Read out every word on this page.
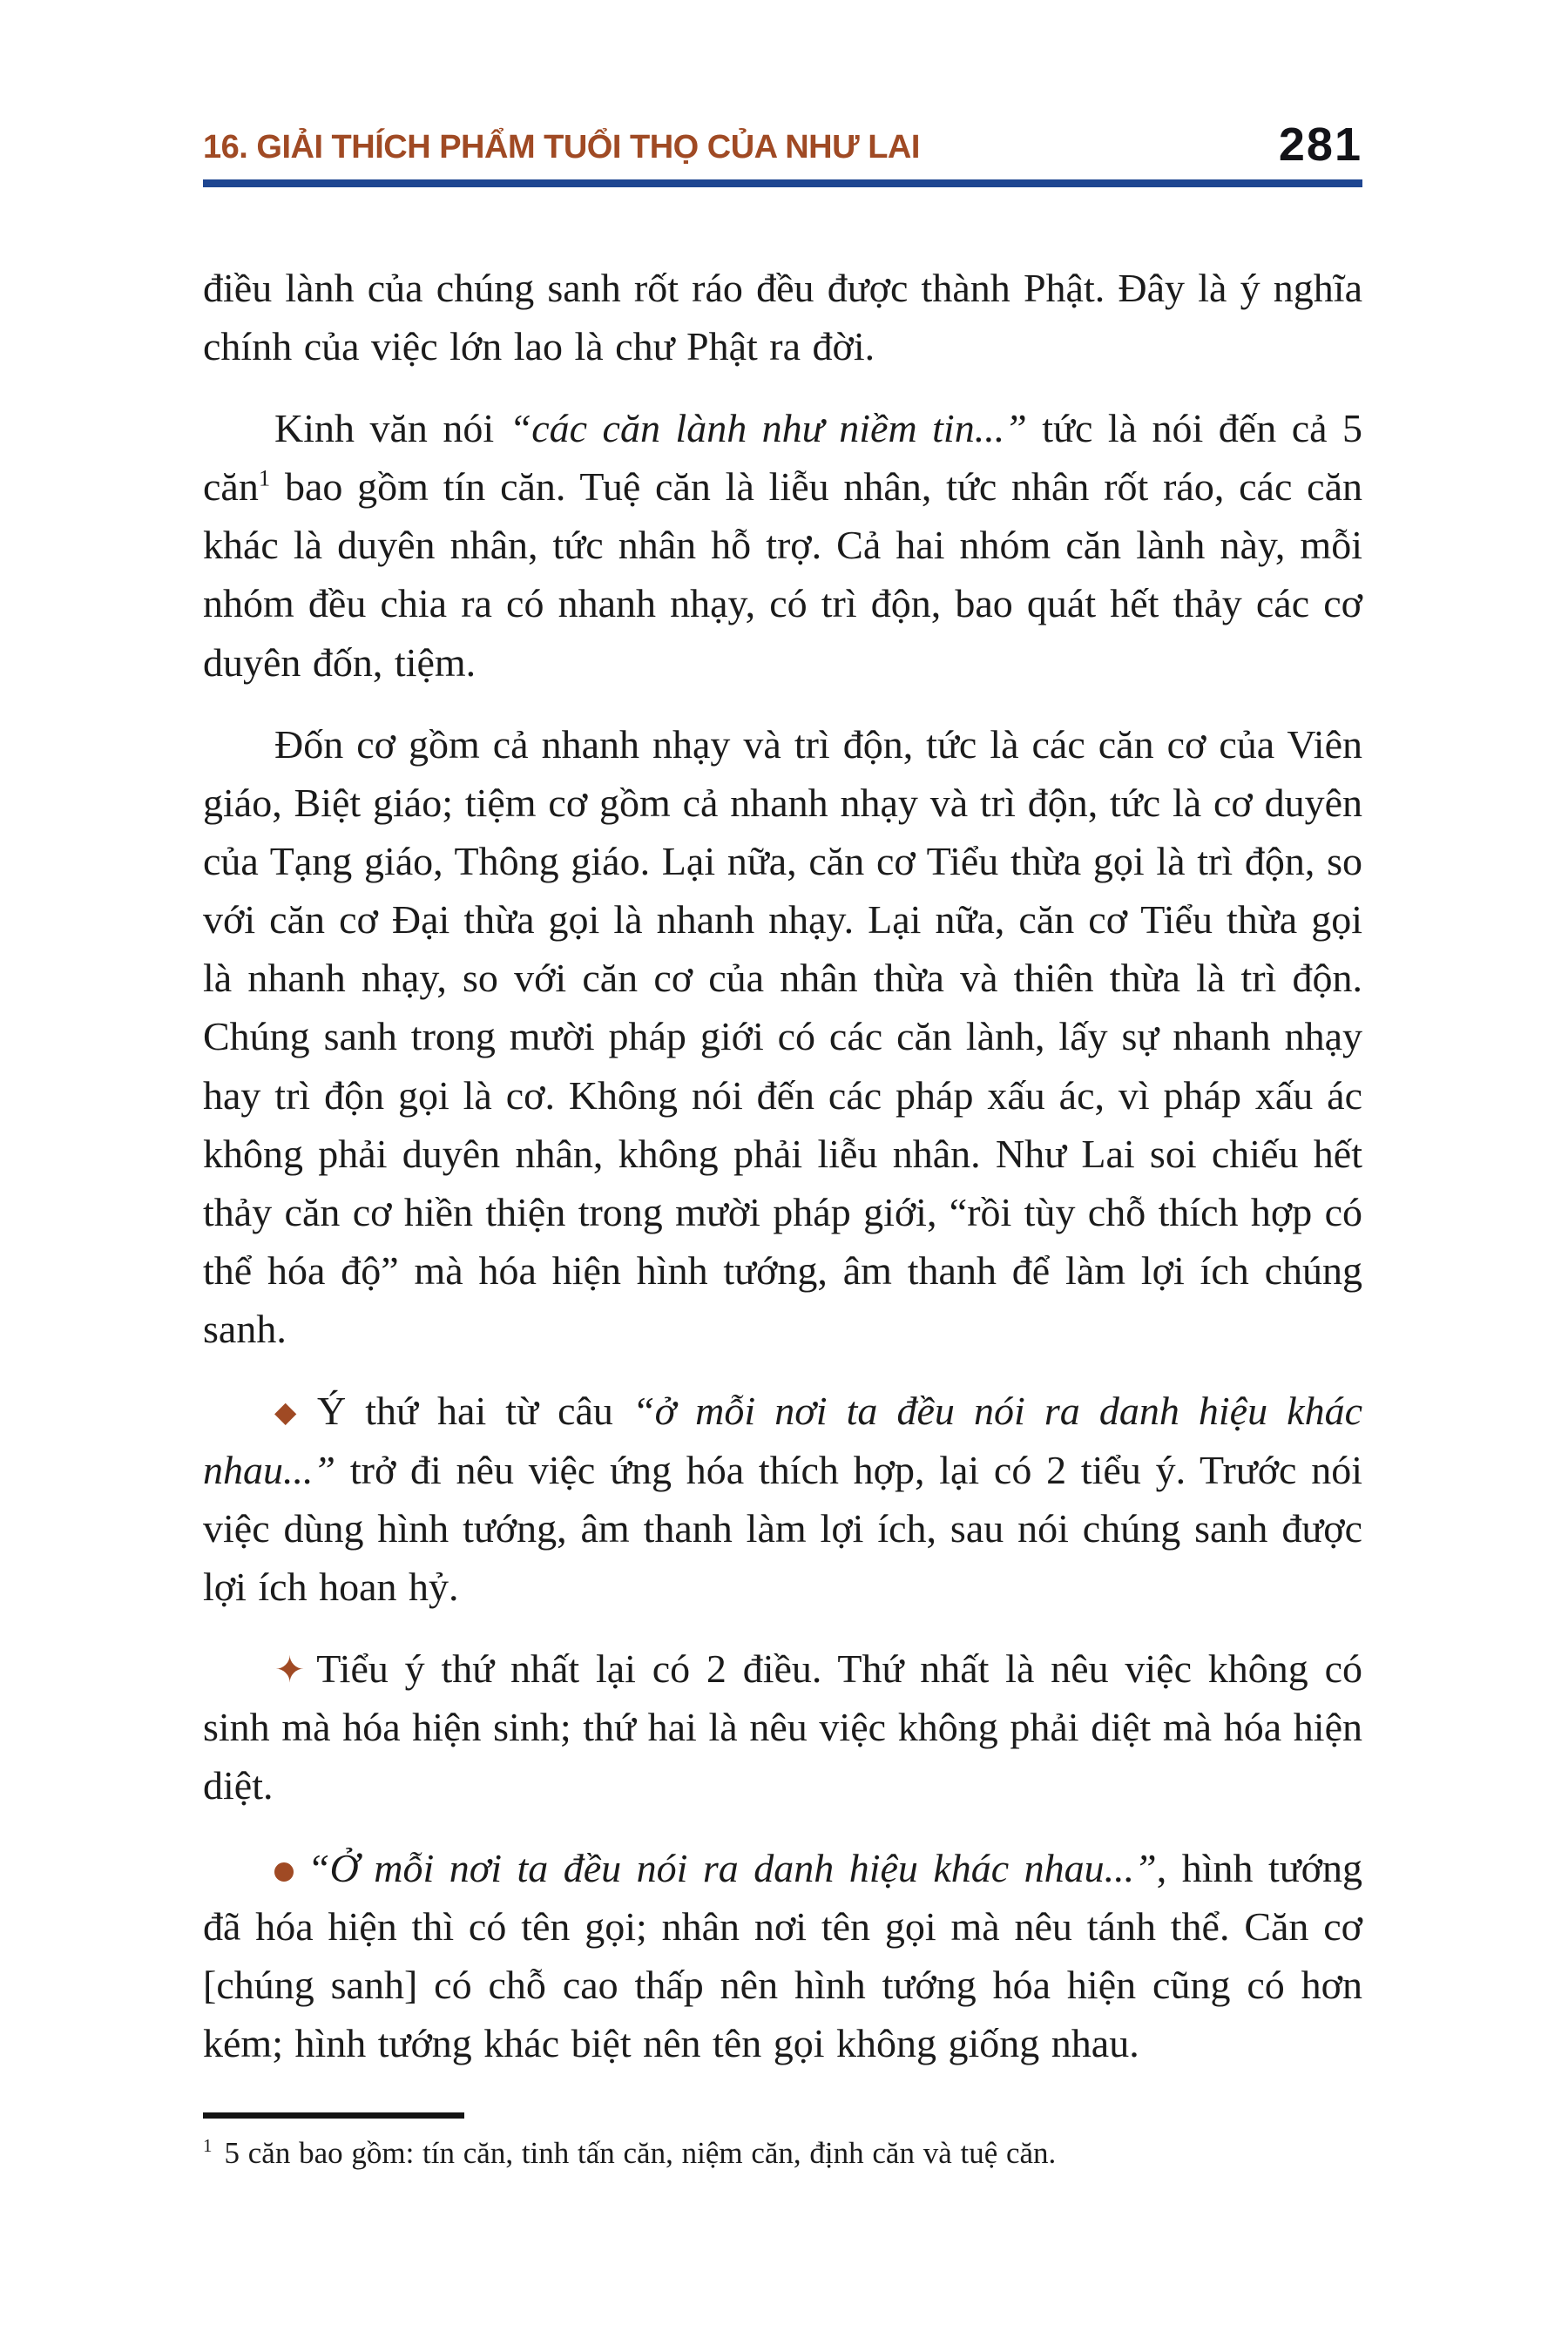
16. GIẢI THÍCH PHẨM TUỔI THỌ CỦA NHƯ LAI	281

điều lành của chúng sanh rốt ráo đều được thành Phật. Đây là ý nghĩa chính của việc lớn lao là chư Phật ra đời.

Kinh văn nói “các căn lành như niềm tin...” tức là nói đến cả 5 căn$^1$ bao gồm tín căn. Tuệ căn là liễu nhân, tức nhân rốt ráo, các căn khác là duyên nhân, tức nhân hỗ trợ. Cả hai nhóm căn lành này, mỗi nhóm đều chia ra có nhanh nhạy, có trì độn, bao quát hết thảy các cơ duyên đốn, tiệm.

Đốn cơ gồm cả nhanh nhạy và trì độn, tức là các căn cơ của Viên giáo, Biệt giáo; tiệm cơ gồm cả nhanh nhạy và trì độn, tức là cơ duyên của Tạng giáo, Thông giáo. Lại nữa, căn cơ Tiểu thừa gọi là trì độn, so với căn cơ Đại thừa gọi là nhanh nhạy. Lại nữa, căn cơ Tiểu thừa gọi là nhanh nhạy, so với căn cơ của nhân thừa và thiên thừa là trì độn. Chúng sanh trong mười pháp giới có các căn lành, lấy sự nhanh nhạy hay trì độn gọi là cơ. Không nói đến các pháp xấu ác, vì pháp xấu ác không phải duyên nhân, không phải liễu nhân. Như Lai soi chiếu hết thảy căn cơ hiền thiện trong mười pháp giới, “rồi tùy chỗ thích hợp có thể hóa độ” mà hóa hiện hình tướng, âm thanh để làm lợi ích chúng sanh.

◆ Ý thứ hai từ câu “ở mỗi nơi ta đều nói ra danh hiệu khác nhau...” trở đi nêu việc ứng hóa thích hợp, lại có 2 tiểu ý. Trước nói việc dùng hình tướng, âm thanh làm lợi ích, sau nói chúng sanh được lợi ích hoan hỷ.

✦ Tiểu ý thứ nhất lại có 2 điều. Thứ nhất là nêu việc không có sinh mà hóa hiện sinh; thứ hai là nêu việc không phải diệt mà hóa hiện diệt.

“Ở mỗi nơi ta đều nói ra danh hiệu khác nhau...”, hình tướng đã hóa hiện thì có tên gọi; nhân nơi tên gọi mà nêu tánh thể. Căn cơ [chúng sanh] có chỗ cao thấp nên hình tướng hóa hiện cũng có hơn kém; hình tướng khác biệt nên tên gọi không giống nhau.

$^1$ 5 căn bao gồm: tín căn, tinh tấn căn, niệm căn, định căn và tuệ căn.
